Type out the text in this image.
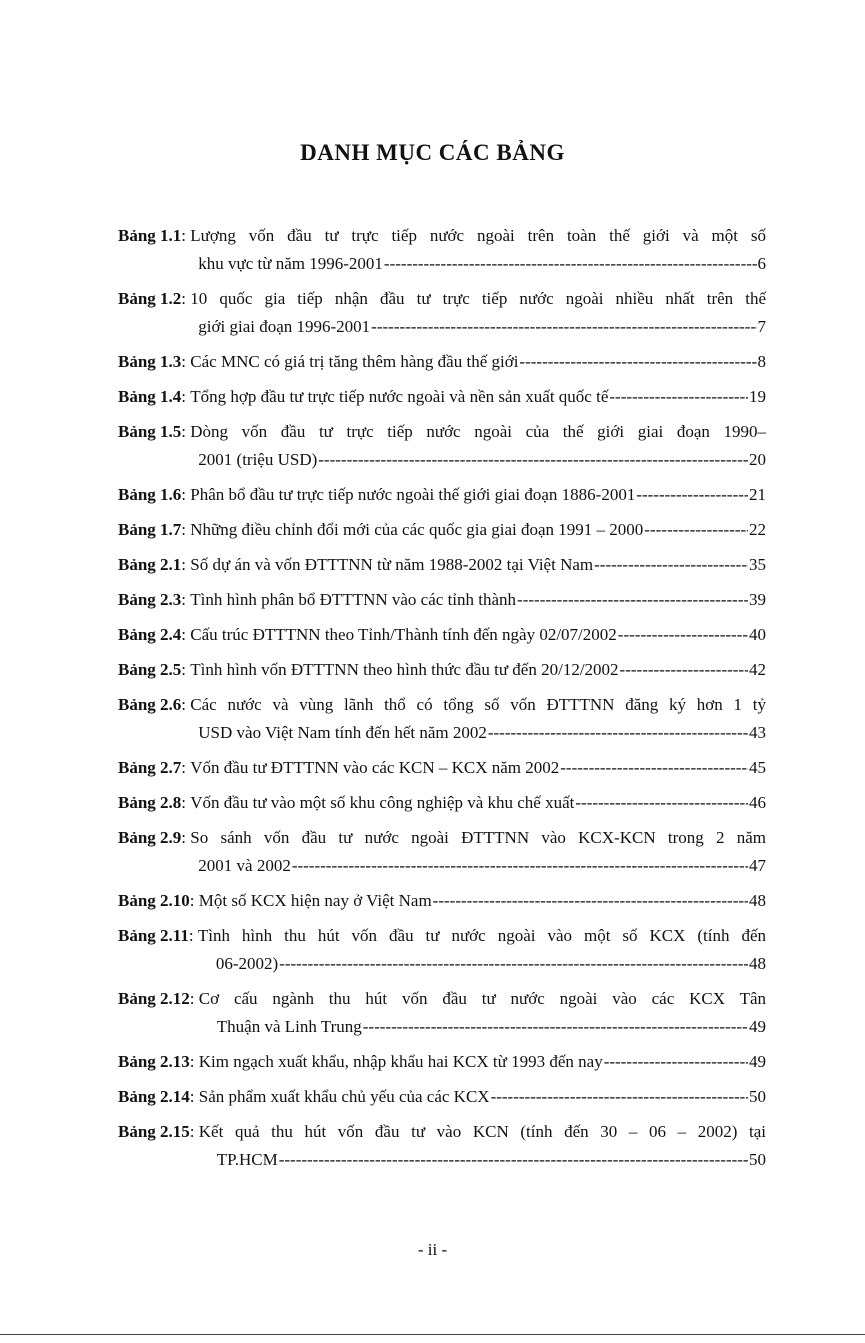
DANH MỤC CÁC BẢNG
Bảng 1.1 : Lượng vốn đầu tư trực tiếp nước ngoài trên toàn thế giới và một số
khu vực từ năm 1996-2001 -----	6
Bảng 1.2 : 10 quốc gia tiếp nhận đầu tư trực tiếp nước ngoài nhiều nhất trên thế
giới giai đoạn 1996-2001 -----	7
Bảng 1.3 : Các MNC có giá trị tăng thêm hàng đầu thế giới -----	8
Bảng 1.4 : Tổng hợp đầu tư trực tiếp nước ngoài và nền sản xuất quốc tế -----	19
Bảng 1.5 : Dòng vốn đầu tư trực tiếp nước ngoài của thế giới giai đoạn 1990–
2001 (triệu USD) -----	20
Bảng 1.6 : Phân bổ đầu tư trực tiếp nước ngoài thế giới giai đoạn 1886-2001 -----	21
Bảng 1.7 : Những điều chỉnh đổi mới của các quốc gia giai đoạn 1991 – 2000 -----	22
Bảng 2.1 : Số dự án và vốn ĐTTTNN từ năm 1988-2002 tại Việt Nam -----	35
Bảng 2.3 : Tình hình phân bổ ĐTTTNN vào các tỉnh thành -----	39
Bảng 2.4 : Cấu trúc ĐTTTNN theo Tỉnh/Thành tính đến ngày 02/07/2002 -----	40
Bảng 2.5 : Tình hình vốn ĐTTTNN theo hình thức đầu tư đến 20/12/2002 -----	42
Bảng 2.6 : Các nước và vùng lãnh thổ có tổng số vốn ĐTTTNN đăng ký hơn 1 tỷ
USD vào Việt Nam tính đến hết năm 2002 -----	43
Bảng 2.7 : Vốn đầu tư ĐTTTNN vào các KCN – KCX năm 2002 -----	45
Bảng 2.8 : Vốn đầu tư vào một số khu công nghiệp và khu chế xuất -----	46
Bảng 2.9 : So sánh vốn đầu tư nước ngoài ĐTTTNN vào KCX-KCN trong 2 năm
2001 và 2002 -----	47
Bảng 2.10 : Một số KCX hiện nay ở Việt Nam -----	48
Bảng 2.11 : Tình hình thu hút vốn đầu tư nước ngoài vào một số KCX (tính đến
06-2002) -----	48
Bảng 2.12 : Cơ cấu ngành thu hút vốn đầu tư nước ngoài vào các KCX Tân
Thuận và Linh Trung -----	49
Bảng 2.13 : Kim ngạch xuất khẩu, nhập khẩu hai KCX từ 1993 đến nay -----	49
Bảng 2.14 : Sản phẩm xuất khẩu chủ yếu của các KCX -----	50
Bảng 2.15 : Kết quả thu hút vốn đầu tư vào KCN (tính đến 30 – 06 – 2002) tại
TP.HCM -----	50
- ii -
